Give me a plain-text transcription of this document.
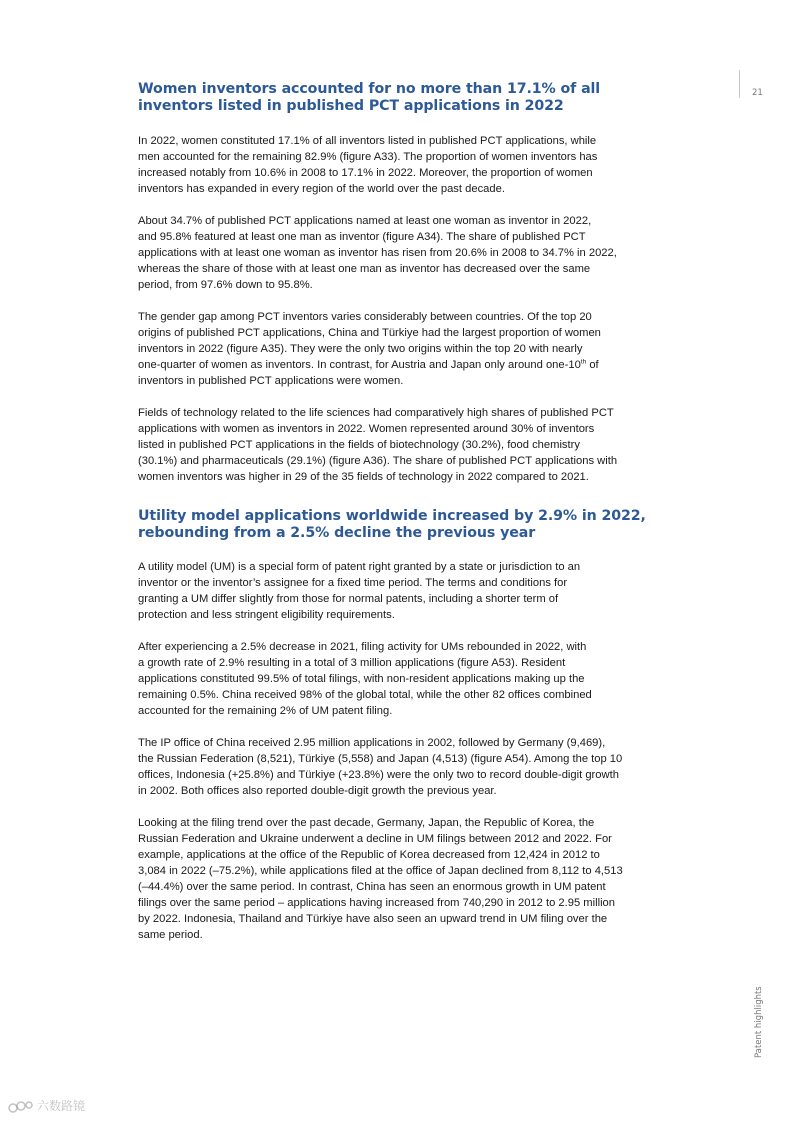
21
Patent highlights
Women inventors accounted for no more than 17.1% of all
inventors listed in published PCT applications in 2022

In 2022, women constituted 17.1% of all inventors listed in published PCT applications, while
men accounted for the remaining 82.9% (figure A33). The proportion of women inventors has
increased notably from 10.6% in 2008 to 17.1% in 2022. Moreover, the proportion of women
inventors has expanded in every region of the world over the past decade.

About 34.7% of published PCT applications named at least one woman as inventor in 2022,
and 95.8% featured at least one man as inventor (figure A34). The share of published PCT
applications with at least one woman as inventor has risen from 20.6% in 2008 to 34.7% in 2022,
whereas the share of those with at least one man as inventor has decreased over the same
period, from 97.6% down to 95.8%.

The gender gap among PCT inventors varies considerably between countries. Of the top 20
origins of published PCT applications, China and Türkiye had the largest proportion of women
inventors in 2022 (figure A35). They were the only two origins within the top 20 with nearly
one-quarter of women as inventors. In contrast, for Austria and Japan only around one-10th of
inventors in published PCT applications were women.

Fields of technology related to the life sciences had comparatively high shares of published PCT
applications with women as inventors in 2022. Women represented around 30% of inventors
listed in published PCT applications in the fields of biotechnology (30.2%), food chemistry
(30.1%) and pharmaceuticals (29.1%) (figure A36). The share of published PCT applications with
women inventors was higher in 29 of the 35 fields of technology in 2022 compared to 2021.

Utility model applications worldwide increased by 2.9% in 2022,
rebounding from a 2.5% decline the previous year

A utility model (UM) is a special form of patent right granted by a state or jurisdiction to an
inventor or the inventor’s assignee for a fixed time period. The terms and conditions for
granting a UM differ slightly from those for normal patents, including a shorter term of
protection and less stringent eligibility requirements.

After experiencing a 2.5% decrease in 2021, filing activity for UMs rebounded in 2022, with
a growth rate of 2.9% resulting in a total of 3 million applications (figure A53). Resident
applications constituted 99.5% of total filings, with non-resident applications making up the
remaining 0.5%. China received 98% of the global total, while the other 82 offices combined
accounted for the remaining 2% of UM patent filing.

The IP office of China received 2.95 million applications in 2002, followed by Germany (9,469),
the Russian Federation (8,521), Türkiye (5,558) and Japan (4,513) (figure A54). Among the top 10
offices, Indonesia (+25.8%) and Türkiye (+23.8%) were the only two to record double-digit growth
in 2002. Both offices also reported double-digit growth the previous year.

Looking at the filing trend over the past decade, Germany, Japan, the Republic of Korea, the
Russian Federation and Ukraine underwent a decline in UM filings between 2012 and 2022. For
example, applications at the office of the Republic of Korea decreased from 12,424 in 2012 to
3,084 in 2022 (–75.2%), while applications filed at the office of Japan declined from 8,112 to 4,513
(–44.4%) over the same period. In contrast, China has seen an enormous growth in UM patent
filings over the same period – applications having increased from 740,290 in 2012 to 2.95 million
by 2022. Indonesia, Thailand and Türkiye have also seen an upward trend in UM filing over the
same period.

六数路镜
